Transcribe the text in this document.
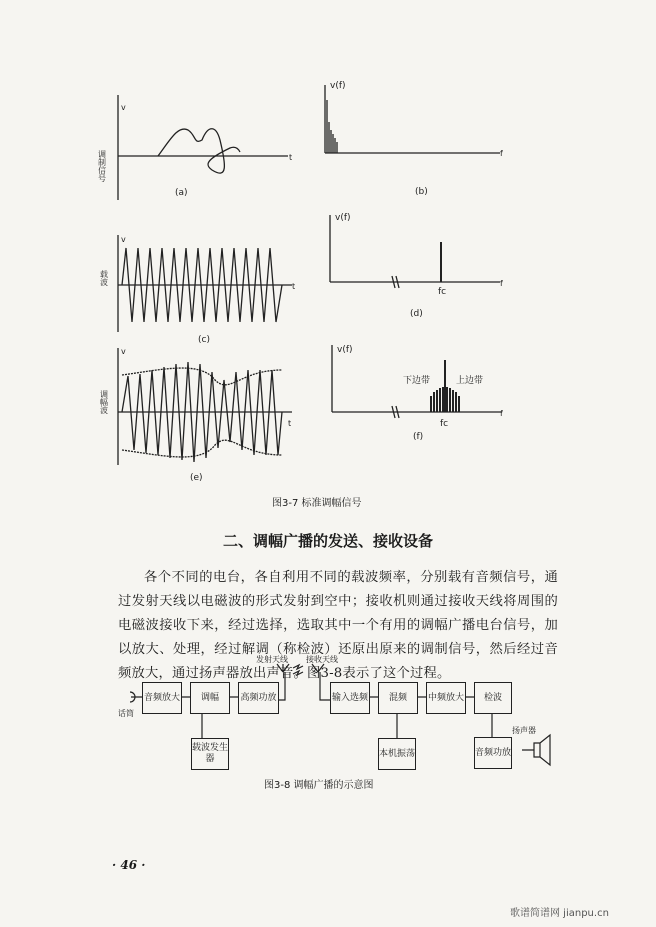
v
t
(a)
调制信号
v(f)
f
(b)
v
t
(c)
载波
v(f)
f
fc
(d)
v
t
(e)
调幅波
v(f)
f
fc
下边带	上边带
(f)
图3-7 标准调幅信号
二、调幅广播的发送、接收设备
各个不同的电台，各自利用不同的载波频率，分别载有音频信号，通过发射天线以电磁波的形式发射到空中；接收机则通过接收天线将周围的电磁波接收下来，经过选择，选取其中一个有用的调幅广播电台信号，加以放大、处理，经过解调（称检波）还原出原来的调制信号，然后经过音频放大，通过扬声器放出声音。图3-8表示了这个过程。
音频放大	调幅	高频功放
载波发生器
输入选频	混频	中频放大	检波
本机振荡	音频功放
话筒
扬声器
发射天线 接收天线
图3-8 调幅广播的示意图
· 46 ·
歌谱简谱网 jianpu.cn
